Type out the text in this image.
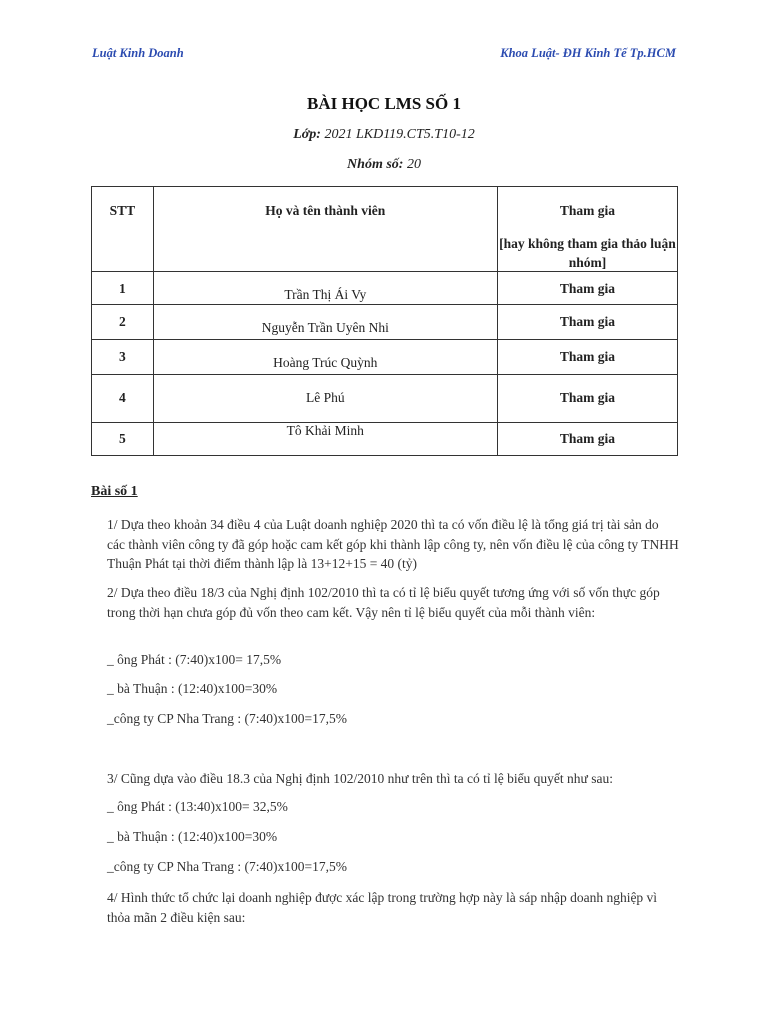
Luật Kinh Doanh	Khoa Luật- ĐH Kinh Tế Tp.HCM
BÀI HỌC LMS SỐ 1
Lớp: 2021 LKD119.CT5.T10-12
Nhóm số: 20
STT	Họ và tên thành viên	Tham gia
[hay không tham gia thảo luận nhóm]

1	Trần Thị Ái Vy	Tham gia

2	Nguyễn Trần Uyên Nhi	Tham gia

3	Hoàng Trúc Quỳnh	Tham gia

4	Lê Phú	Tham gia

5	Tô Khải Minh	Tham gia
Bài số 1
1/ Dựa theo khoản 34 điều 4 của Luật doanh nghiệp 2020 thì ta có vốn điều lệ là tổng giá trị tài sản do các thành viên công ty đã góp hoặc cam kết góp khi thành lập công ty, nên vốn điều lệ của công ty TNHH Thuận Phát tại thời điểm thành lập là 13+12+15 = 40 (tỷ)
2/ Dựa theo điều 18/3 của Nghị định 102/2010 thì ta có tỉ lệ biểu quyết tương ứng với số vốn thực góp trong thời hạn chưa góp đủ vốn theo cam kết. Vậy nên tỉ lệ biểu quyết của mỗi thành viên:
_ ông Phát : (7:40)x100= 17,5%
_ bà Thuận : (12:40)x100=30%
_công ty CP Nha Trang : (7:40)x100=17,5%
3/ Cũng dựa vào điều 18.3 của Nghị định 102/2010 như trên thì ta có tỉ lệ biểu quyết như sau:
_ ông Phát : (13:40)x100= 32,5%
_ bà Thuận : (12:40)x100=30%
_công ty CP Nha Trang : (7:40)x100=17,5%
4/ Hình thức tổ chức lại doanh nghiệp được xác lập trong trường hợp này là sáp nhập doanh nghiệp vì thỏa mãn 2 điều kiện sau:
